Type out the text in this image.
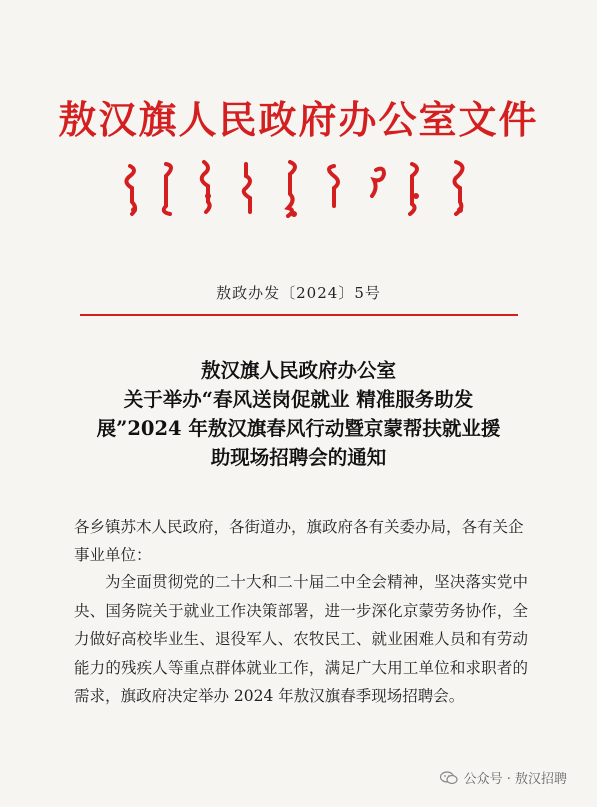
敖汉旗人民政府办公室文件
敖政办发〔2024〕5号
敖汉旗人民政府办公室
关于举办“春风送岗促就业 精准服务助发
展”2024 年敖汉旗春风行动暨京蒙帮扶就业援
助现场招聘会的通知
各乡镇苏木人民政府，各街道办，旗政府各有关委办局，各有关企事业单位：
为全面贯彻党的二十大和二十届二中全会精神，坚决落实党中央、国务院关于就业工作决策部署，进一步深化京蒙劳务协作，全力做好高校毕业生、退役军人、农牧民工、就业困难人员和有劳动能力的残疾人等重点群体就业工作，满足广大用工单位和求职者的需求，旗政府决定举办 2024 年敖汉旗春季现场招聘会。
公众号 · 敖汉招聘
